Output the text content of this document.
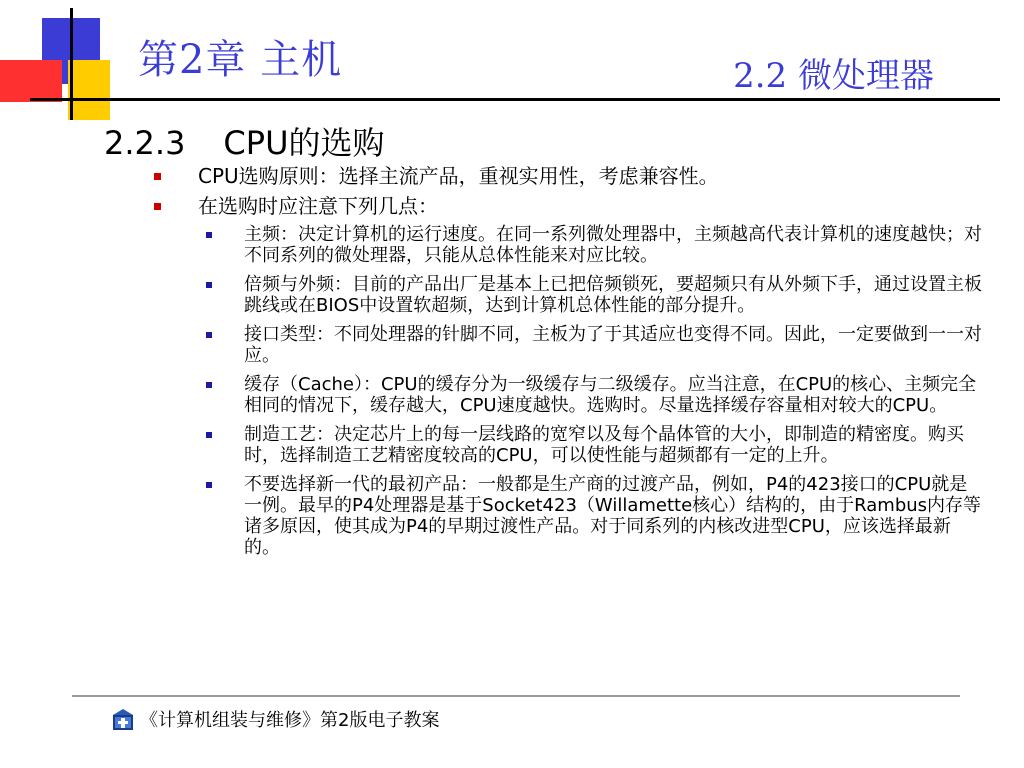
第2章 主机	2.2 微处理器
2.2.3 CPU的选购
CPU选购原则：选择主流产品，重视实用性，考虑兼容性。
在选购时应注意下列几点：
主频：决定计算机的运行速度。在同一系列微处理器中，主频越高代表计算机的速度越快；对不同系列的微处理器，只能从总体性能来对应比较。
倍频与外频：目前的产品出厂是基本上已把倍频锁死，要超频只有从外频下手，通过设置主板跳线或在BIOS中设置软超频，达到计算机总体性能的部分提升。
接口类型：不同处理器的针脚不同，主板为了于其适应也变得不同。因此，一定要做到一一对应。
缓存（Cache）：CPU的缓存分为一级缓存与二级缓存。应当注意，在CPU的核心、主频完全相同的情况下，缓存越大，CPU速度越快。选购时。尽量选择缓存容量相对较大的CPU。
制造工艺：决定芯片上的每一层线路的宽窄以及每个晶体管的大小，即制造的精密度。购买时，选择制造工艺精密度较高的CPU，可以使性能与超频都有一定的上升。
不要选择新一代的最初产品：一般都是生产商的过渡产品，例如，P4的423接口的CPU就是一例。最早的P4处理器是基于Socket423（Willamette核心）结构的，由于Rambus内存等诸多原因，使其成为P4的早期过渡性产品。对于同系列的内核改进型CPU，应该选择最新的。
《计算机组装与维修》第2版电子教案
